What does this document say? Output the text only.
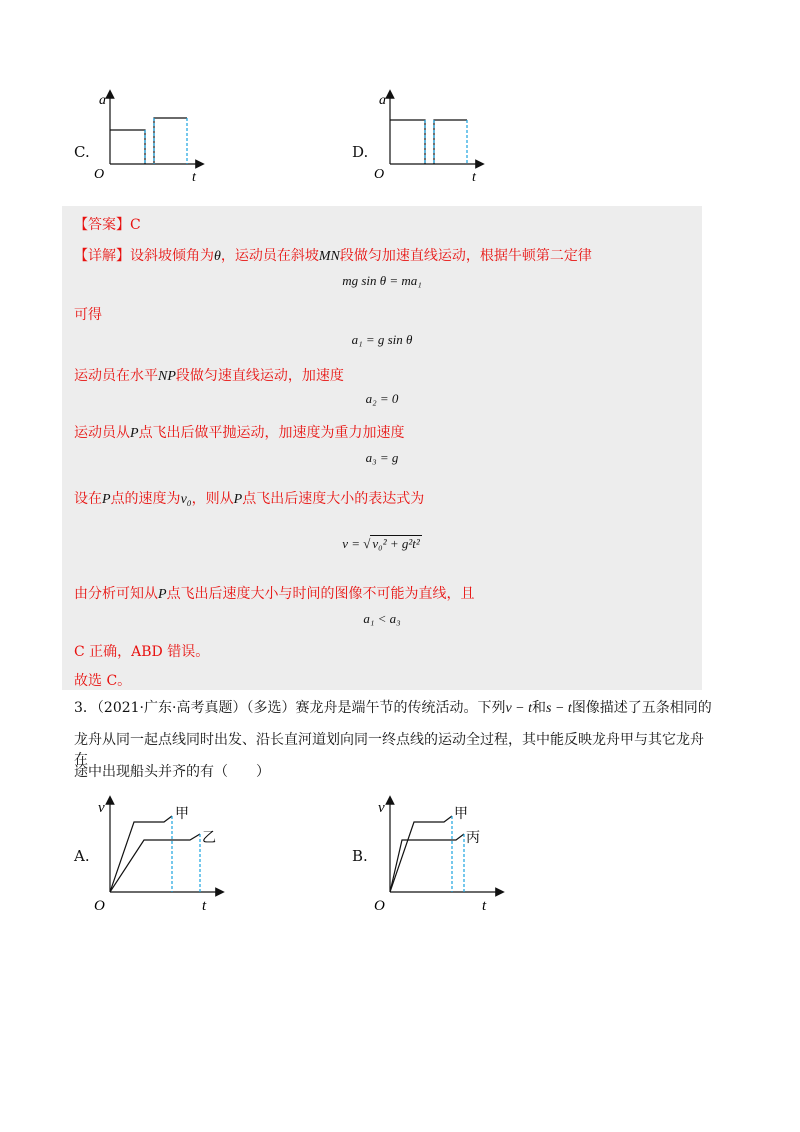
C.
a
t
O
D.
a
t
O
【答案】C
【详解】设斜坡倾角为θ，运动员在斜坡MN段做匀加速直线运动，根据牛顿第二定律
mg sin θ = ma₁
可得
a₁ = g sin θ
运动员在水平NP段做匀速直线运动，加速度
a₂ = 0
运动员从P点飞出后做平抛运动，加速度为重力加速度
a₃ = g
设在P点的速度为v₀，则从P点飞出后速度大小的表达式为
v = √ v₀² + g²t²
由分析可知从P点飞出后速度大小与时间的图像不可能为直线，且
a₁ < a₃
C 正确，ABD 错误。
故选 C。
3．（2021·广东·高考真题）（多选）赛龙舟是端午节的传统活动。下列v − t和s − t图像描述了五条相同的
龙舟从同一起点线同时出发、沿长直河道划向同一终点线的运动全过程，其中能反映龙舟甲与其它龙舟在
途中出现船头并齐的有（　　）
A.
甲
乙
v
t
O
B.
甲
丙
v
t
O
